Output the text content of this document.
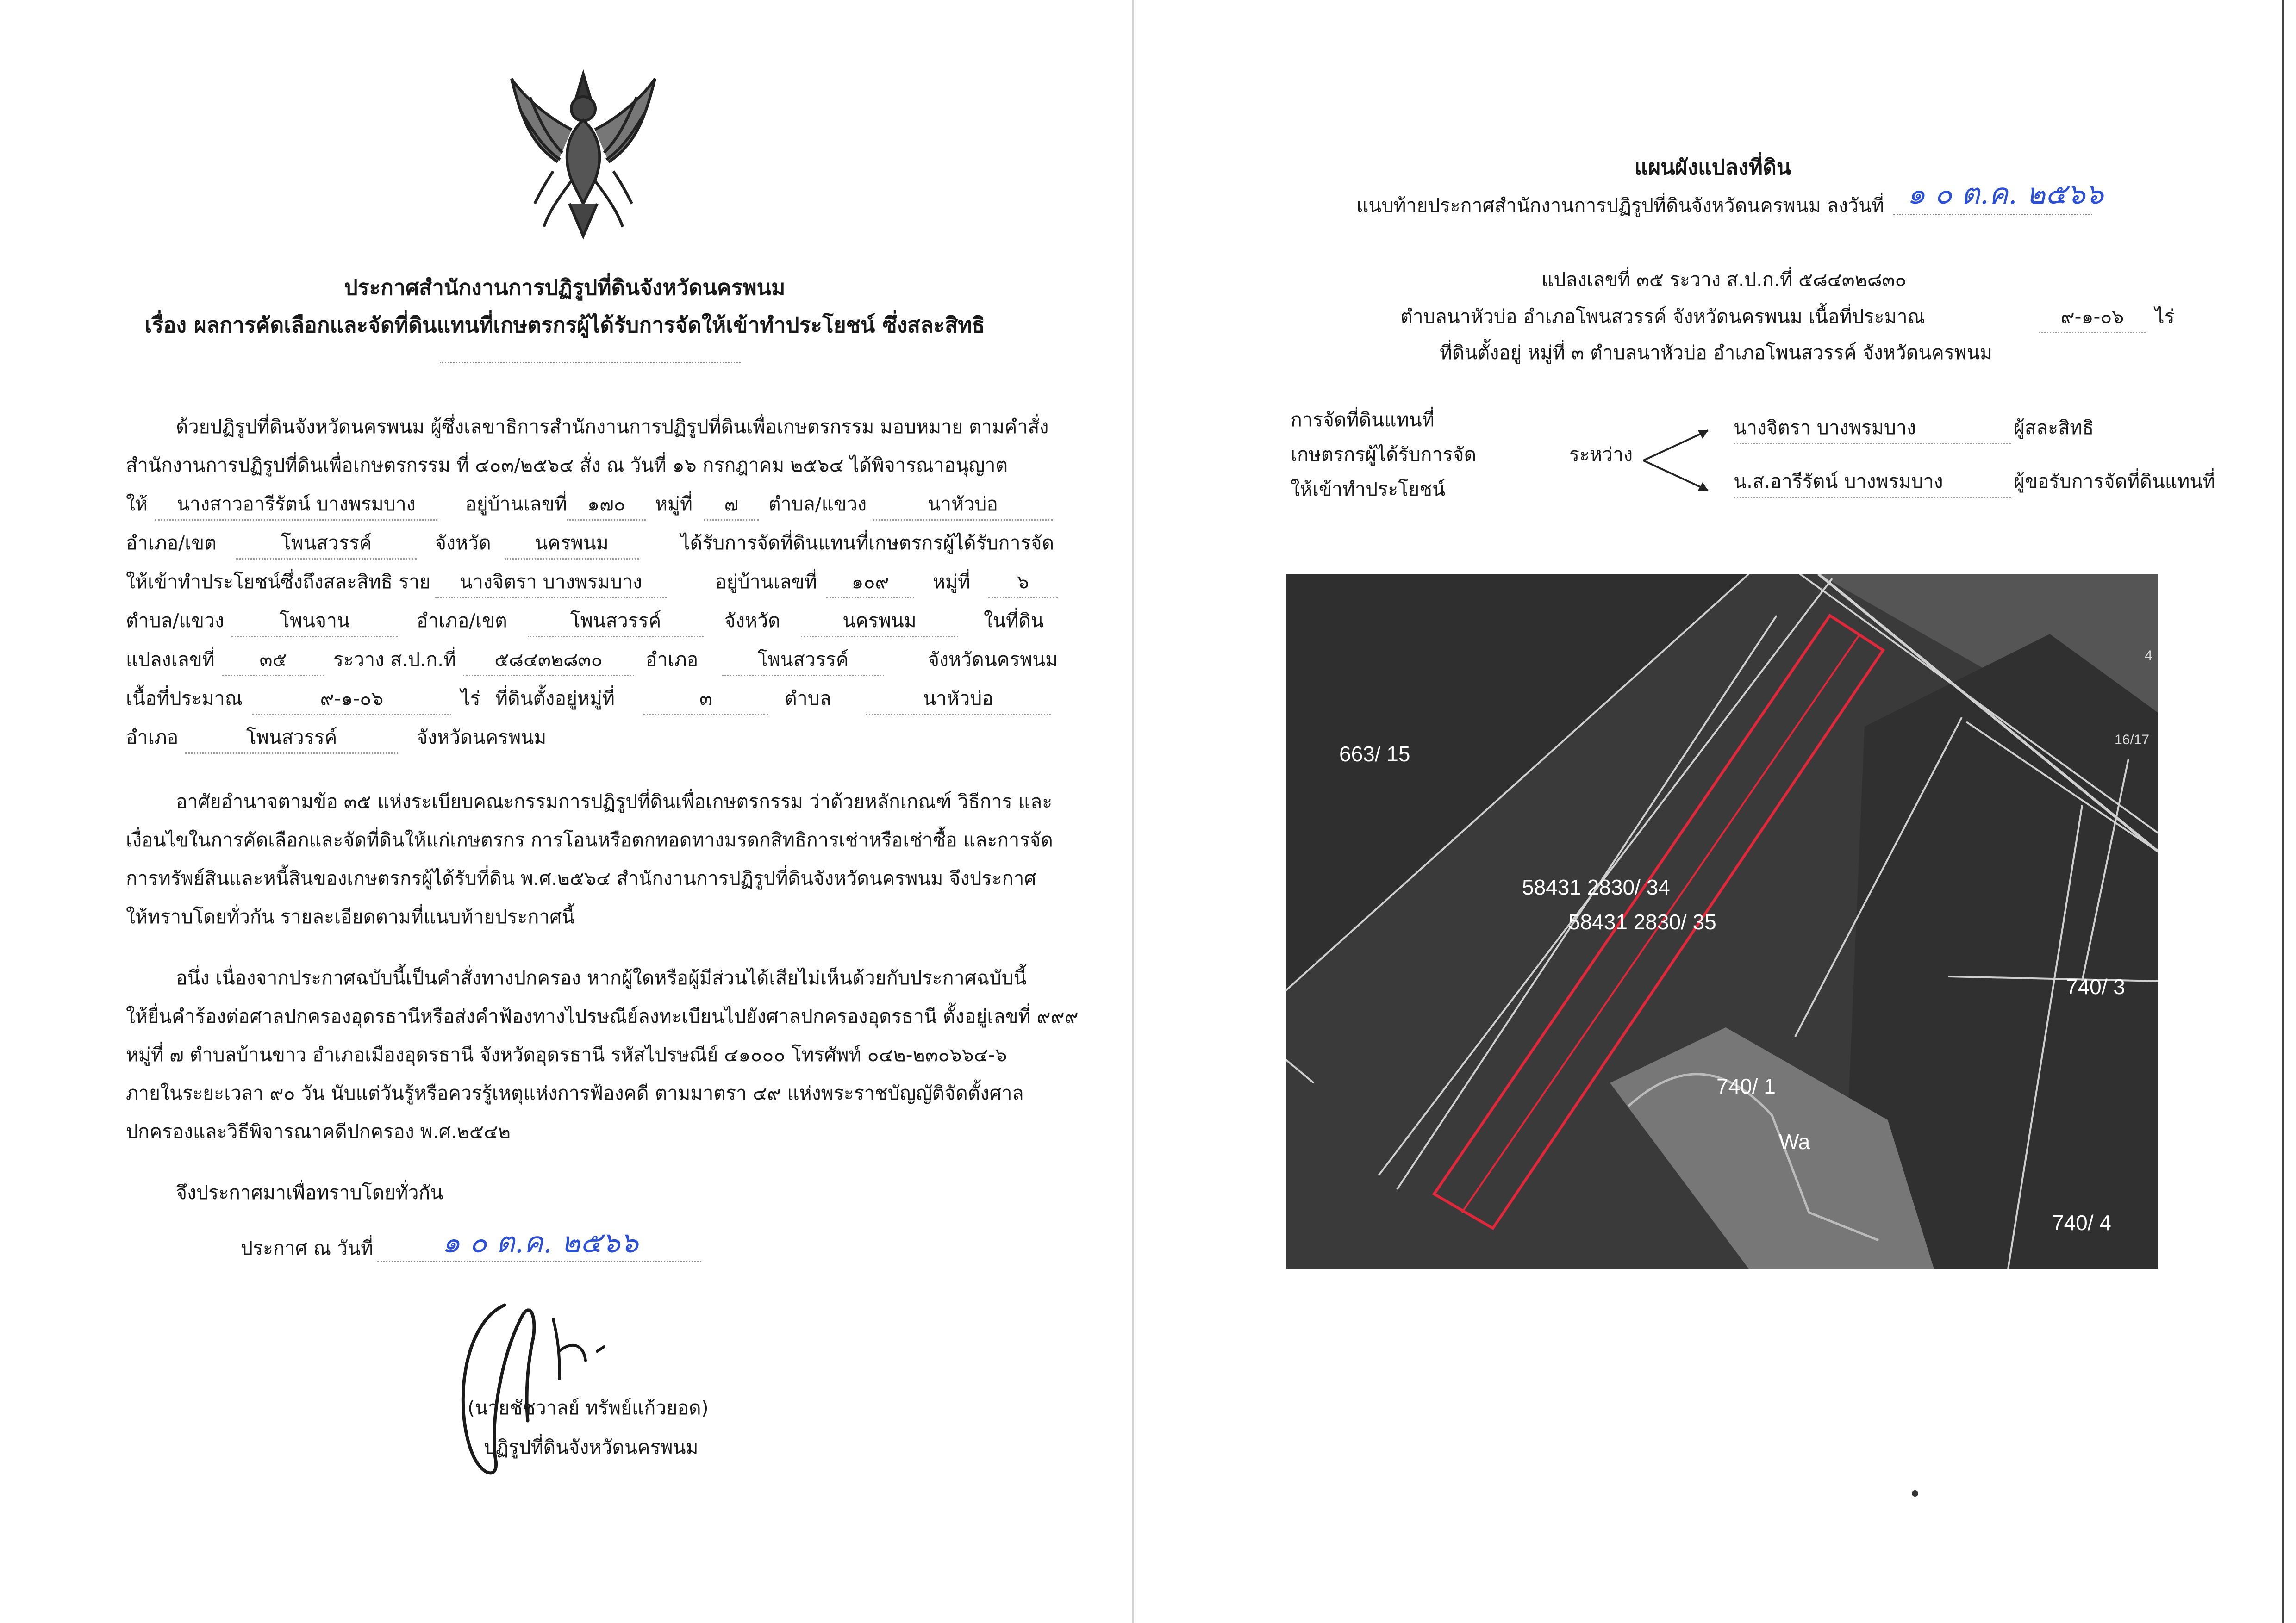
ประกาศสำนักงานการปฏิรูปที่ดินจังหวัดนครพนม
เรื่อง ผลการคัดเลือกและจัดที่ดินแทนที่เกษตรกรผู้ได้รับการจัดให้เข้าทำประโยชน์ ซึ่งสละสิทธิ
ด้วยปฏิรูปที่ดินจังหวัดนครพนม ผู้ซึ่งเลขาธิการสำนักงานการปฏิรูปที่ดินเพื่อเกษตรกรรม มอบหมาย ตามคำสั่ง
สำนักงานการปฏิรูปที่ดินเพื่อเกษตรกรรม ที่ ๔๐๓/๒๕๖๔ สั่ง ณ วันที่ ๑๖ กรกฎาคม ๒๕๖๔ ได้พิจารณาอนุญาต
ให้	นางสาวอารีรัตน์ บางพรมบาง	อยู่บ้านเลขที่	๑๗๐	หมู่ที่	๗	ตำบล/แขวง	นาหัวบ่อ
อำเภอ/เขต	โพนสวรรค์	จังหวัด	นครพนม	ได้รับการจัดที่ดินแทนที่เกษตรกรผู้ได้รับการจัด
ให้เข้าทำประโยชน์ซึ่งถึงสละสิทธิ ราย	นางจิตรา บางพรมบาง	อยู่บ้านเลขที่	๑๐๙	หมู่ที่	๖
ตำบล/แขวง	โพนจาน	อำเภอ/เขต	โพนสวรรค์	จังหวัด	นครพนม	ในที่ดิน
แปลงเลขที่	๓๕	ระวาง ส.ป.ก.ที่	๕๘๔๓๒๘๓๐	อำเภอ	โพนสวรรค์	จังหวัดนครพนม
เนื้อที่ประมาณ	๙-๑-๐๖	ไร่ ที่ดินตั้งอยู่หมู่ที่	๓	ตำบล	นาหัวบ่อ
อำเภอ	โพนสวรรค์	จังหวัดนครพนม
อาศัยอำนาจตามข้อ ๓๕ แห่งระเบียบคณะกรรมการปฏิรูปที่ดินเพื่อเกษตรกรรม ว่าด้วยหลักเกณฑ์ วิธีการ และ
เงื่อนไขในการคัดเลือกและจัดที่ดินให้แก่เกษตรกร การโอนหรือตกทอดทางมรดกสิทธิการเช่าหรือเช่าซื้อ และการจัด
การทรัพย์สินและหนี้สินของเกษตรกรผู้ได้รับที่ดิน พ.ศ.๒๕๖๔ สำนักงานการปฏิรูปที่ดินจังหวัดนครพนม จึงประกาศ
ให้ทราบโดยทั่วกัน รายละเอียดตามที่แนบท้ายประกาศนี้
อนึ่ง เนื่องจากประกาศฉบับนี้เป็นคำสั่งทางปกครอง หากผู้ใดหรือผู้มีส่วนได้เสียไม่เห็นด้วยกับประกาศฉบับนี้
ให้ยื่นคำร้องต่อศาลปกครองอุดรธานีหรือส่งคำฟ้องทางไปรษณีย์ลงทะเบียนไปยังศาลปกครองอุดรธานี ตั้งอยู่เลขที่ ๙๙๙
หมู่ที่ ๗ ตำบลบ้านขาว อำเภอเมืองอุดรธานี จังหวัดอุดรธานี รหัสไปรษณีย์ ๔๑๐๐๐ โทรศัพท์ ๐๔๒-๒๓๐๖๖๔-๖
ภายในระยะเวลา ๙๐ วัน นับแต่วันรู้หรือควรรู้เหตุแห่งการฟ้องคดี ตามมาตรา ๔๙ แห่งพระราชบัญญัติจัดตั้งศาล
ปกครองและวิธีพิจารณาคดีปกครอง พ.ศ.๒๕๔๒
จึงประกาศมาเพื่อทราบโดยทั่วกัน
ประกาศ ณ วันที่ ๑ ๐ ต.ค. ๒๕๖๖
(นายชัชวาลย์ ทรัพย์แก้วยอด)
ปฏิรูปที่ดินจังหวัดนครพนม
แผนผังแปลงที่ดิน
แนบท้ายประกาศสำนักงานการปฏิรูปที่ดินจังหวัดนครพนม ลงวันที่ ๑ ๐ ต.ค. ๒๕๖๖
แปลงเลขที่ ๓๕ ระวาง ส.ป.ก.ที่ ๕๘๔๓๒๘๓๐
ตำบลนาหัวบ่อ อำเภอโพนสวรรค์ จังหวัดนครพนม เนื้อที่ประมาณ	๙-๑-๐๖	ไร่
ที่ดินตั้งอยู่ หมู่ที่ ๓ ตำบลนาหัวบ่อ อำเภอโพนสวรรค์ จังหวัดนครพนม
การจัดที่ดินแทนที่
เกษตรกรผู้ได้รับการจัด
ให้เข้าทำประโยชน์
ระหว่าง
นางจิตรา บางพรมบาง	ผู้สละสิทธิ
น.ส.อารีรัตน์ บางพรมบาง	ผู้ขอรับการจัดที่ดินแทนที่
663/ 15
58431 2830/ 34
58431 2830/ 35
740/ 3
740/ 1
Wa
740/ 4
16/17
4
